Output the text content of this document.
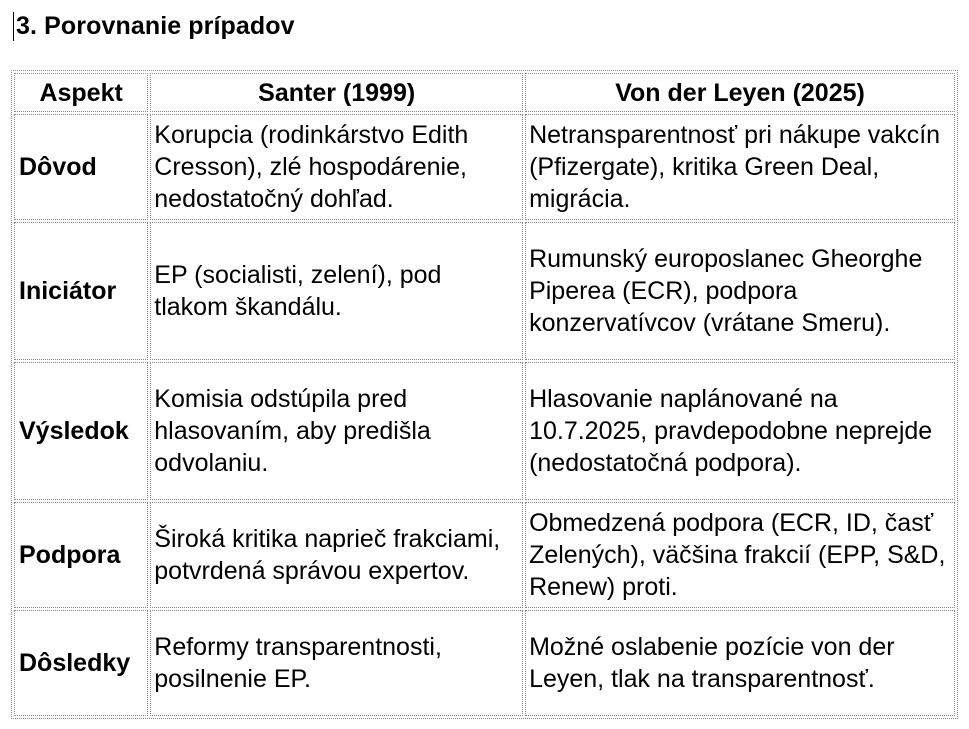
3. Porovnanie prípadov
Aspekt	Santer (1999)	Von der Leyen (2025)
Dôvod	Korupcia (rodinkárstvo Edith Cresson), zlé hospodárenie, nedostatočný dohľad.	Netransparentnosť pri nákupe vakcín (Pfizergate), kritika Green Deal, migrácia.
Iniciátor	EP (socialisti, zelení), pod tlakom škandálu.	Rumunský europoslanec Gheorghe Piperea (ECR), podpora konzervatívcov (vrátane Smeru).
Výsledok	Komisia odstúpila pred hlasovaním, aby predišla odvolaniu.	Hlasovanie naplánované na 10.7.2025, pravdepodobne neprejde (nedostatočná podpora).
Podpora	Široká kritika naprieč frakciami, potvrdená správou expertov.	Obmedzená podpora (ECR, ID, časť Zelených), väčšina frakcií (EPP, S&D, Renew) proti.
Dôsledky	Reformy transparentnosti, posilnenie EP.	Možné oslabenie pozície von der Leyen, tlak na transparentnosť.
